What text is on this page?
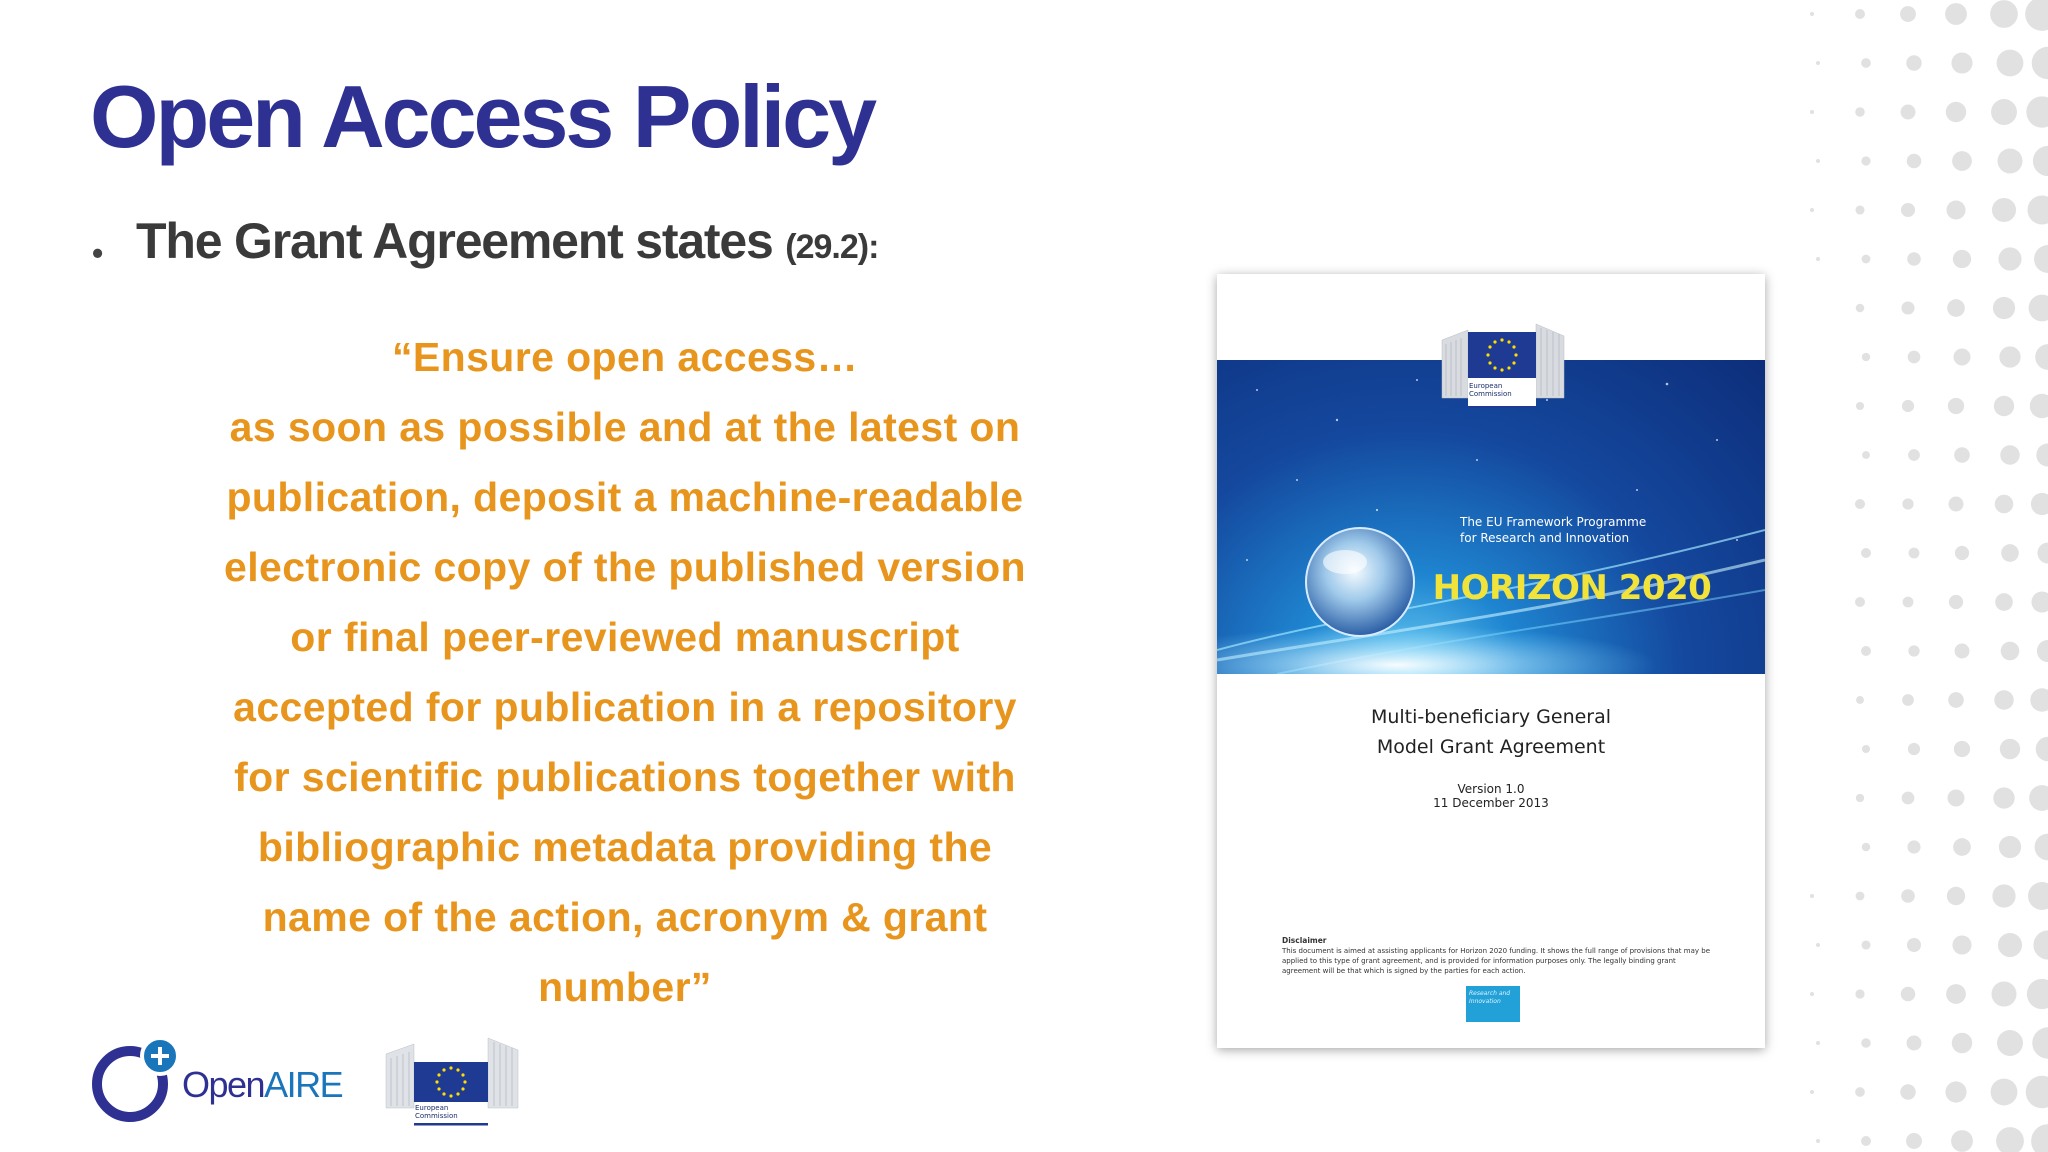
Open Access Policy
• The Grant Agreement states (29.2):
“Ensure open access…
as soon as possible and at the latest on
publication, deposit a machine-readable
electronic copy of the published version
or final peer-reviewed manuscript
accepted for publication in a repository
for scientific publications together with
bibliographic metadata providing the
name of the action, acronym & grant
number”
The EU Framework Programme
for Research and Innovation
HORIZON 2020
European
Commission
Multi-beneficiary General
Model Grant Agreement
Version 1.0
11 December 2013
Disclaimer
This document is aimed at assisting applicants for Horizon 2020 funding. It shows the full range of provisions that may be applied to this type of grant agreement, and is provided for information purposes only. The legally binding grant agreement will be that which is signed by the parties for each action.
Research and
Innovation
OpenAIRE
European
Commission
